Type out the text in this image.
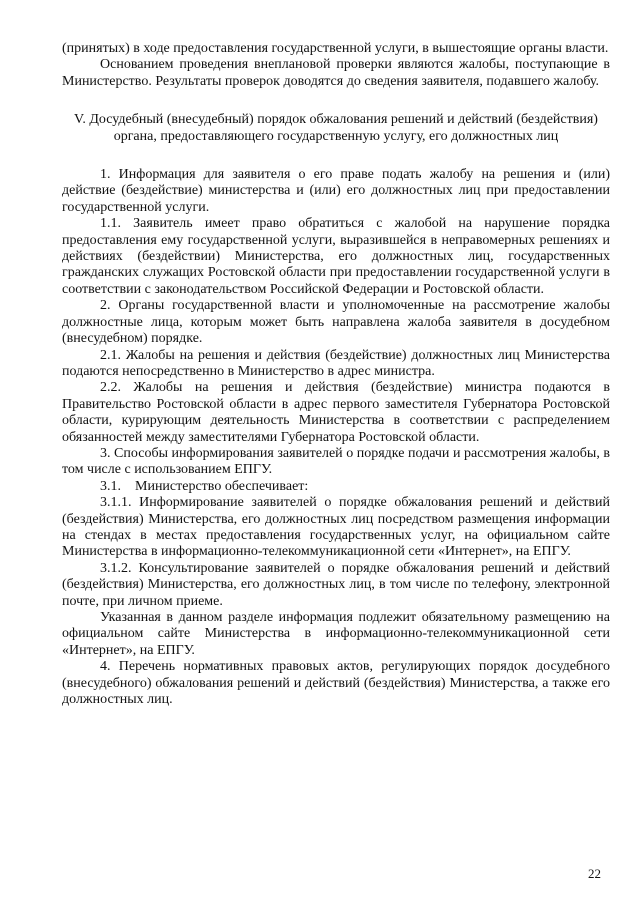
(принятых) в ходе предоставления государственной услуги, в вышестоящие органы власти.

Основанием проведения внеплановой проверки являются жалобы, поступающие в Министерство. Результаты проверок доводятся до сведения заявителя, подавшего жалобу.

V. Досудебный (внесудебный) порядок обжалования решений и действий (бездействия) органа, предоставляющего государственную услугу, его должностных лиц

1. Информация для заявителя о его праве подать жалобу на решения и (или) действие (бездействие) министерства и (или) его должностных лиц при предоставлении государственной услуги.

1.1. Заявитель имеет право обратиться с жалобой на нарушение порядка предоставления ему государственной услуги, выразившейся в неправомерных решениях и действиях (бездействии) Министерства, его должностных лиц, государственных гражданских служащих Ростовской области при предоставлении государственной услуги в соответствии с законодательством Российской Федерации и Ростовской области.

2. Органы государственной власти и уполномоченные на рассмотрение жалобы должностные лица, которым может быть направлена жалоба заявителя в досудебном (внесудебном) порядке.

2.1. Жалобы на решения и действия (бездействие) должностных лиц Министерства подаются непосредственно в Министерство в адрес министра.

2.2. Жалобы на решения и действия (бездействие) министра подаются в Правительство Ростовской области в адрес первого заместителя Губернатора Ростовской области, курирующим деятельность Министерства в соответствии с распределением обязанностей между заместителями Губернатора Ростовской области.

3. Способы информирования заявителей о порядке подачи и рассмотрения жалобы, в том числе с использованием ЕПГУ.

3.1.    Министерство обеспечивает:

3.1.1. Информирование заявителей о порядке обжалования решений и действий (бездействия) Министерства, его должностных лиц посредством размещения информации на стендах в местах предоставления государственных услуг, на официальном сайте Министерства в информационно-телекоммуникационной сети «Интернет», на ЕПГУ.

3.1.2. Консультирование заявителей о порядке обжалования решений и действий (бездействия) Министерства, его должностных лиц, в том числе по телефону, электронной почте, при личном приеме.

Указанная в данном разделе информация подлежит обязательному размещению на официальном сайте Министерства в информационно-телекоммуникационной сети «Интернет», на ЕПГУ.

4. Перечень нормативных правовых актов, регулирующих порядок досудебного (внесудебного) обжалования решений и действий (бездействия) Министерства, а также его должностных лиц.

22
